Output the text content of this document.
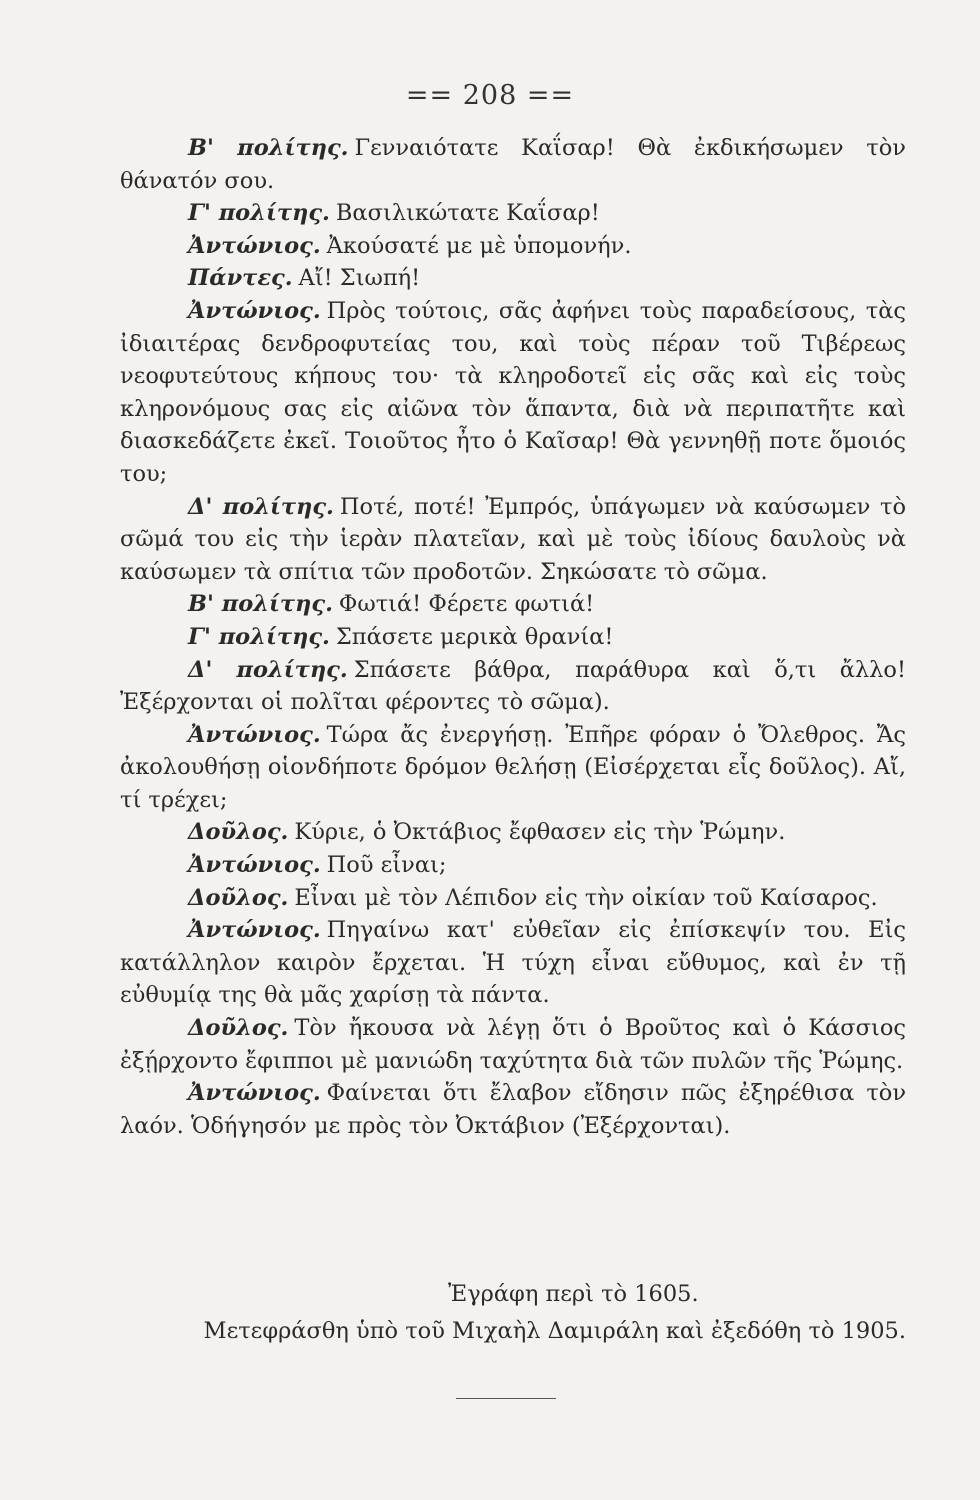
== 208 ==

Β' πολίτης. Γενναιότατε Καΐσαρ! Θὰ ἐκδικήσωμεν τὸν θάνατόν σου.

Γ' πολίτης. Βασιλικώτατε Καΐσαρ!

Ἀντώνιος. Ἀκούσατέ με μὲ ὑπομονήν.

Πάντες. Αἴ! Σιωπή!

Ἀντώνιος. Πρὸς τούτοις, σᾶς ἀφήνει τοὺς παραδείσους, τὰς ἰδιαιτέρας δενδροφυτείας του, καὶ τοὺς πέραν τοῦ Τιβέρεως νεοφυτεύτους κήπους του· τὰ κληροδοτεῖ εἰς σᾶς καὶ εἰς τοὺς κληρονόμους σας εἰς αἰῶνα τὸν ἅπαντα, διὰ νὰ περιπατῆτε καὶ διασκεδάζετε ἐκεῖ. Τοιοῦτος ἦτο ὁ Καῖσαρ! Θὰ γεννηθῇ ποτε ὅμοιός του;

Δ' πολίτης. Ποτέ, ποτέ! Ἐμπρός, ὑπάγωμεν νὰ καύσωμεν τὸ σῶμά του εἰς τὴν ἱερὰν πλατεῖαν, καὶ μὲ τοὺς ἰδίους δαυλοὺς νὰ καύσωμεν τὰ σπίτια τῶν προδοτῶν. Σηκώσατε τὸ σῶμα.

Β' πολίτης. Φωτιά! Φέρετε φωτιά!

Γ' πολίτης. Σπάσετε μερικὰ θρανία!

Δ' πολίτης. Σπάσετε βάθρα, παράθυρα καὶ ὅ,τι ἄλλο! Ἐξέρχονται οἱ πολῖται φέροντες τὸ σῶμα).

Ἀντώνιος. Τώρα ἄς ἐνεργήσῃ. Ἐπῆρε φόραν ὁ Ὄλεθρος. Ἄς ἀκολουθήσῃ οἱονδήποτε δρόμον θελήσῃ (Εἰσέρχεται εἷς δοῦλος). Αἴ, τί τρέχει;

Δοῦλος. Κύριε, ὁ Ὀκτάβιος ἔφθασεν εἰς τὴν Ῥώμην.

Ἀντώνιος. Ποῦ εἶναι;

Δοῦλος. Εἶναι μὲ τὸν Λέπιδον εἰς τὴν οἰκίαν τοῦ Καίσαρος.

Ἀντώνιος. Πηγαίνω κατ' εὐθεῖαν εἰς ἐπίσκεψίν του. Εἰς κατάλληλον καιρὸν ἔρχεται. Ἡ τύχη εἶναι εὔθυμος, καὶ ἐν τῇ εὐθυμίᾳ της θὰ μᾶς χαρίσῃ τὰ πάντα.

Δοῦλος. Τὸν ἤκουσα νὰ λέγῃ ὅτι ὁ Βροῦτος καὶ ὁ Κάσσιος ἐξῄρχοντο ἔφιπποι μὲ μανιώδη ταχύτητα διὰ τῶν πυλῶν τῆς Ῥώμης.

Ἀντώνιος. Φαίνεται ὅτι ἔλαβον εἴδησιν πῶς ἐξηρέθισα τὸν λαόν. Ὁδήγησόν με πρὸς τὸν Ὀκτάβιον (Ἐξέρχονται).

Ἐγράφη περὶ τὸ 1605.
Μετεφράσθη ὑπὸ τοῦ Μιχαὴλ Δαμιράλη καὶ ἐξεδόθη τὸ 1905.
